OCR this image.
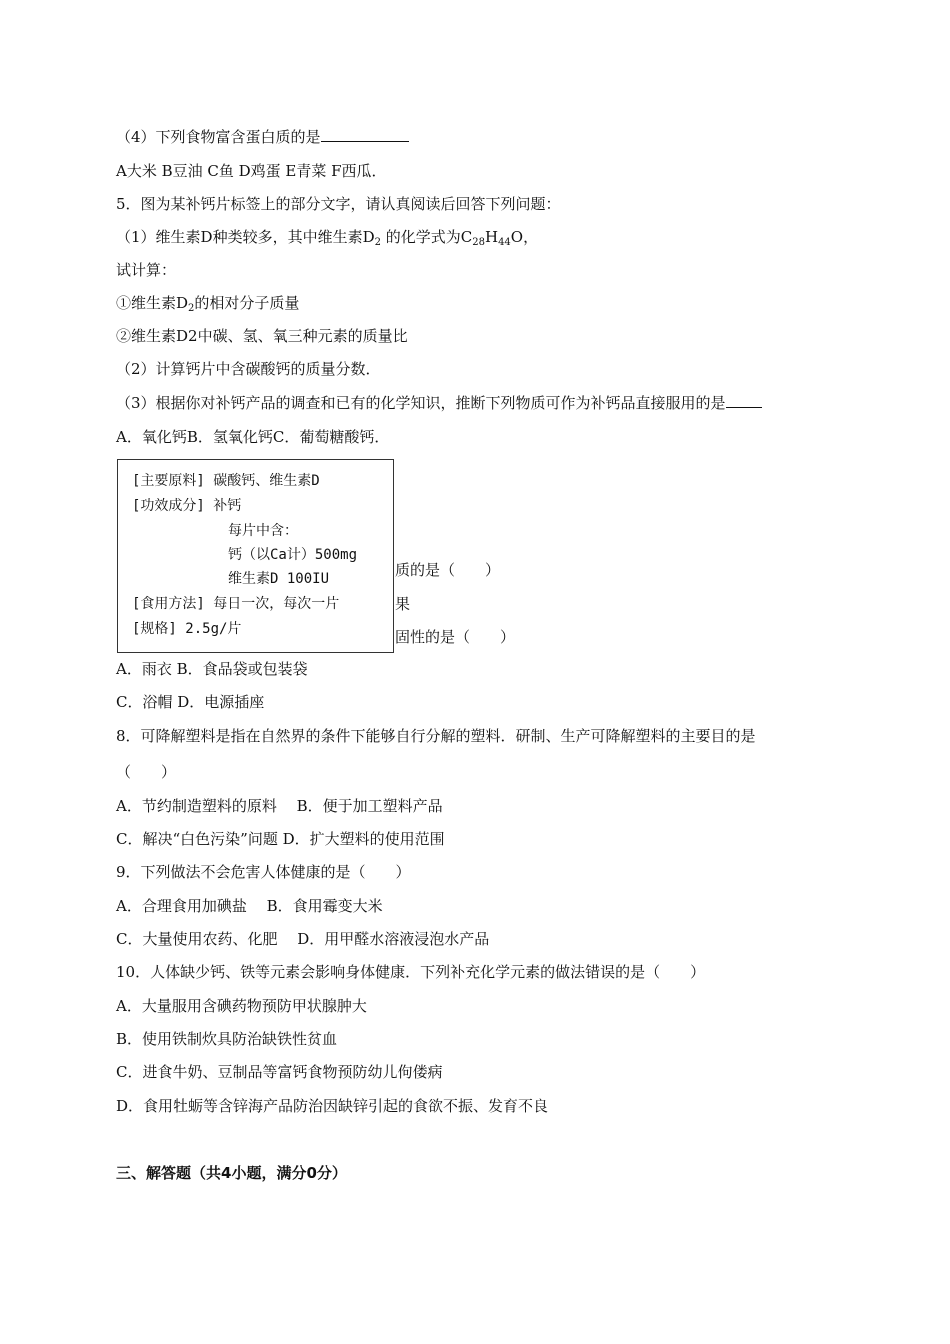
（4）下列食物富含蛋白质的是
A大米 B豆油 C鱼 D鸡蛋 E青菜 F西瓜．
5．图为某补钙片标签上的部分文字，请认真阅读后回答下列问题：
（1）维生素D种类较多，其中维生素$D_2$ 的化学式为$C_{28}H_{44}O$，
试计算：
①维生素$D_2$的相对分子质量
②维生素D2中碳、氢、氧三种元素的质量比
（2）计算钙片中含碳酸钙的质量分数．
（3）根据你对补钙产品的调查和已有的化学知识，推断下列物质可作为补钙品直接服用的是
A．氧化钙B．氢氧化钙C．葡萄糖酸钙．
质的是（　　）
果
固性的是（　　）
[主要原料] 碳酸钙、维生素D
[功效成分] 补钙
每片中含：
钙（以Ca计）500mg
维生素D 100IU
[食用方法] 每日一次，每次一片
[规格] 2.5g/片
A．雨衣 B．食品袋或包装袋
C．浴帽 D．电源插座
8．可降解塑料是指在自然界的条件下能够自行分解的塑料．研制、生产可降解塑料的主要目的是
（　　）
A．节约制造塑料的原料　 B．便于加工塑料产品
C．解决“白色污染”问题 D．扩大塑料的使用范围
9．下列做法不会危害人体健康的是（　　）
A．合理食用加碘盐　 B．食用霉变大米
C．大量使用农药、化肥　 D．用甲醛水溶液浸泡水产品
10．人体缺少钙、铁等元素会影响身体健康．下列补充化学元素的做法错误的是（　　）
A．大量服用含碘药物预防甲状腺肿大
B．使用铁制炊具防治缺铁性贫血
C．进食牛奶、豆制品等富钙食物预防幼儿佝偻病
D．食用牡蛎等含锌海产品防治因缺锌引起的食欲不振、发育不良
三、解答题（共4小题，满分0分）
